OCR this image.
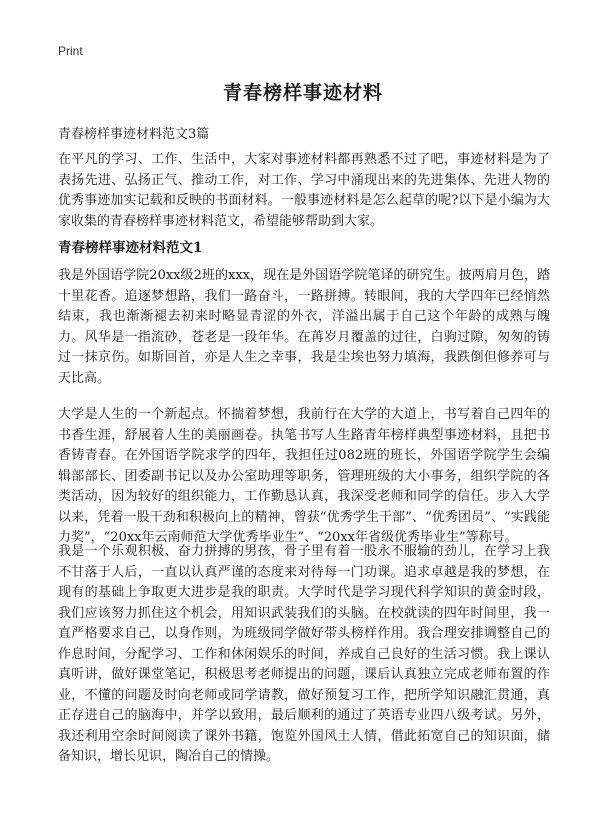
Print
青春榜样事迹材料

青春榜样事迹材料范文3篇

在平凡的学习、工作、生活中，大家对事迹材料都再熟悉不过了吧，事迹材料是为了表扬先进、弘扬正气、推动工作，对工作、学习中涌现出来的先进集体、先进人物的优秀事迹加实记载和反映的书面材料。一般事迹材料是怎么起草的呢?以下是小编为大家收集的青春榜样事迹材料范文，希望能够帮助到大家。

青春榜样事迹材料范文1

我是外国语学院20xx级2班的xxx，现在是外国语学院笔译的研究生。披两肩月色，踏十里花香。追逐梦想路，我们一路奋斗，一路拼搏。转眼间，我的大学四年已经悄然结束，我也渐渐褪去初来时略显青涩的外衣，洋溢出属于自己这个年龄的成熟与魄力。风华是一指流砂，苍老是一段年华。在苒岁月覆盖的过往，白驹过隙，匆匆的铸过一抹京伤。如斯回首，亦是人生之幸事，我是尘埃也努力填海，我跌倒但修养可与天比高。

大学是人生的一个新起点。怀揣着梦想，我前行在大学的大道上，书写着自己四年的书香生涯，舒展着人生的美丽画卷。执笔书写人生路青年榜样典型事迹材料，且把书香铸青春。在外国语学院求学的四年，我担任过082班的班长，外国语学院学生会编辑部部长、团委副书记以及办公室助理等职务，管理班级的大小事务，组织学院的各类活动，因为较好的组织能力，工作勤恳认真，我深受老师和同学的信任。步入大学以来，凭着一股干劲和积极向上的精神，曾获“优秀学生干部”、“优秀团员”、“实践能力奖”，“20xx年云南师范大学优秀毕业生”、“20xx年省级优秀毕业生”等称号。

我是一个乐观积极、奋力拼搏的男孩，骨子里有着一股永不服输的劲儿，在学习上我不甘落于人后，一直以认真严谨的态度来对待每一门功课。追求卓越是我的梦想，在现有的基础上争取更大进步是我的职责。大学时代是学习现代科学知识的黄金时段，我们应该努力抓住这个机会，用知识武装我们的头脑。在校就读的四年时间里，我一直严格要求自己，以身作则，为班级同学做好带头榜样作用。我合理安排调整自己的作息时间，分配学习、工作和休闲娱乐的时间，养成自己良好的生活习惯。我上课认真听讲，做好课堂笔记，积极思考老师提出的问题，课后认真独立完成老师布置的作业，不懂的问题及时向老师或同学请教，做好预复习工作，把所学知识融汇贯通，真正存进自己的脑海中，并学以致用，最后顺利的通过了英语专业四八级考试。另外，我还利用空余时间阅读了课外书籍，饱览外国风土人情，借此拓宽自己的知识面，储备知识，增长见识，陶冶自己的情操。
